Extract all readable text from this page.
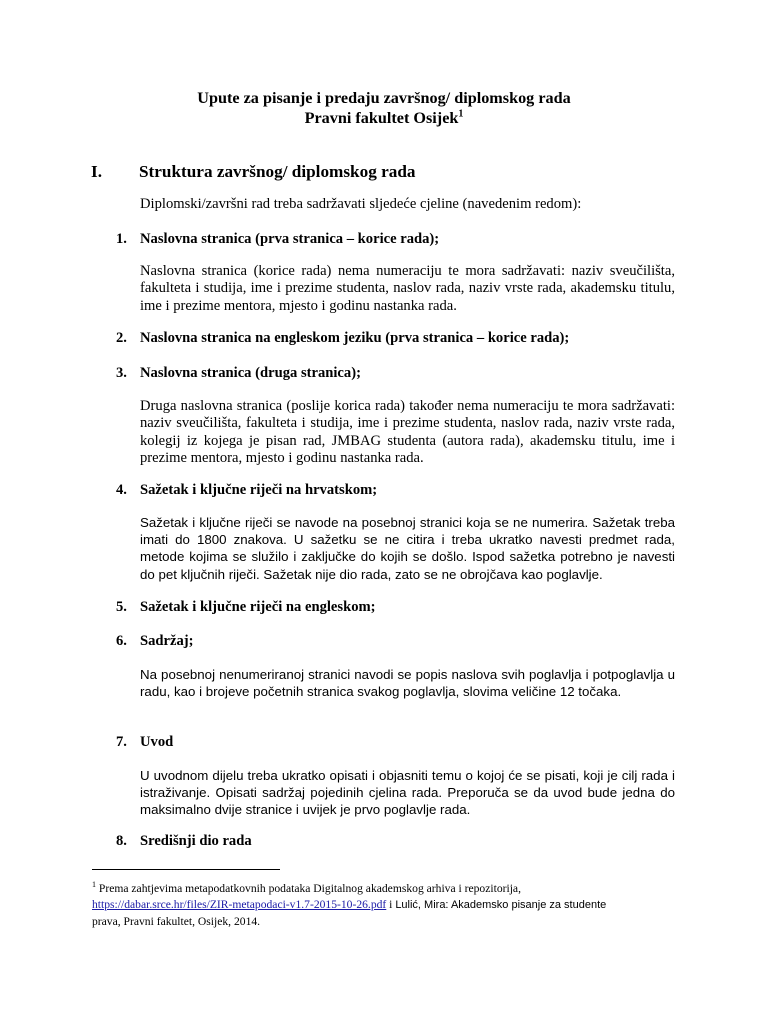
Upute za pisanje i predaju završnog/ diplomskog rada
Pravni fakultet Osijek$^1$
I. Struktura završnog/ diplomskog rada
Diplomski/završni rad treba sadržavati sljedeće cjeline (navedenim redom):
1. Naslovna stranica (prva stranica – korice rada);
Naslovna stranica (korice rada) nema numeraciju te mora sadržavati: naziv sveučilišta, fakulteta i studija, ime i prezime studenta, naslov rada, naziv vrste rada, akademsku titulu, ime i prezime mentora, mjesto i godinu nastanka rada.
2. Naslovna stranica na engleskom jeziku (prva stranica – korice rada);
3. Naslovna stranica (druga stranica);
Druga naslovna stranica (poslije korica rada) također nema numeraciju te mora sadržavati: naziv sveučilišta, fakulteta i studija, ime i prezime studenta, naslov rada, naziv vrste rada, kolegij iz kojega je pisan rad, JMBAG studenta (autora rada), akademsku titulu, ime i prezime mentora, mjesto i godinu nastanka rada.
4. Sažetak i ključne riječi na hrvatskom;
Sažetak i ključne riječi se navode na posebnoj stranici koja se ne numerira. Sažetak treba imati do 1800 znakova. U sažetku se ne citira i treba ukratko navesti predmet rada, metode kojima se služilo i zaključke do kojih se došlo. Ispod sažetka potrebno je navesti do pet ključnih riječi. Sažetak nije dio rada, zato se ne obrojčava kao poglavlje.
5. Sažetak i ključne riječi na engleskom;
6. Sadržaj;
Na posebnoj nenumeriranoj stranici navodi se popis naslova svih poglavlja i potpoglavlja u radu, kao i brojeve početnih stranica svakog poglavlja, slovima veličine 12 točaka.
7. Uvod
U uvodnom dijelu treba ukratko opisati i objasniti temu o kojoj će se pisati, koji je cilj rada i istraživanje. Opisati sadržaj pojedinih cjelina rada. Preporuča se da uvod bude jedna do maksimalno dvije stranice i uvijek je prvo poglavlje rada.
8. Središnji dio rada
$^1$ Prema zahtjevima metapodatkovnih podataka Digitalnog akademskog arhiva i repozitorija,
https://dabar.srce.hr/files/ZIR-metapodaci-v1.7-2015-10-26.pdf i Lulić, Mira: Akademsko pisanje za studente
prava, Pravni fakultet, Osijek, 2014.
